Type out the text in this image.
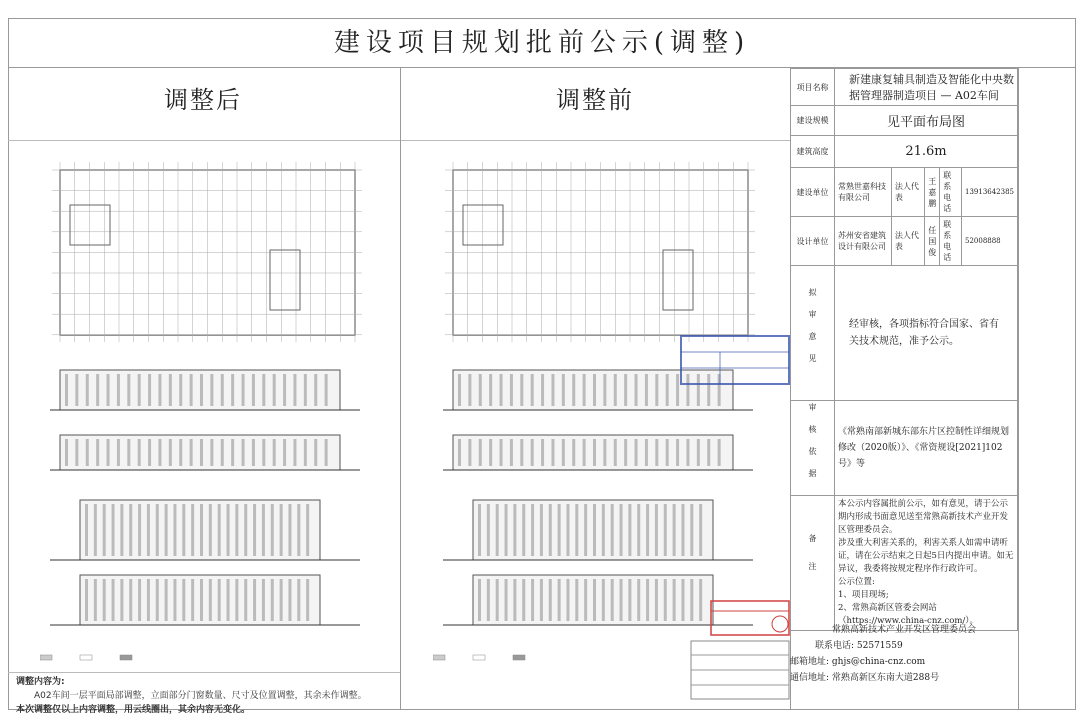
建设项目规划批前公示(调整)
调整后	调整前
调整内容为:
A02车间一层平面局部调整，立面部分门窗数量、尺寸及位置调整，其余未作调整。
本次调整仅以上内容调整，用云线圈出，其余内容无变化。
项目名称	新建康复辅具制造及智能化中央数据管理器制造项目 — A02车间				
建设规模	见平面布局图				
建筑高度	21.6m				
建设单位	常熟世嘉科技有限公司	法人代表	王嘉鹏	联系电话	13913642385
设计单位	苏州安省建筑设计有限公司	法人代表	任国俊	联系电话	52008888
拟审意见	经审核，各项指标符合国家、省有关技术规范，准予公示。				
审核依据	《常熟南部新城东部东片区控制性详细规划修改（2020版）》、《常资规设[2021]102号》等				
备注	本公示内容属批前公示，如有意见，请于公示期内形成书面意见送至常熟高新技术产业开发区管理委员会。
涉及重大利害关系的，利害关系人如需申请听证，请在公示结束之日起5日内提出申请。如无异议，我委将按规定程序作行政许可。
公示位置:
1、项目现场;
2、常熟高新区管委会网站（https://www.china-cnz.com/）。				
常熟高新技术产业开发区管理委员会
联系电话: 52571559
邮箱地址: ghjs@china-cnz.com
通信地址: 常熟高新区东南大道288号
